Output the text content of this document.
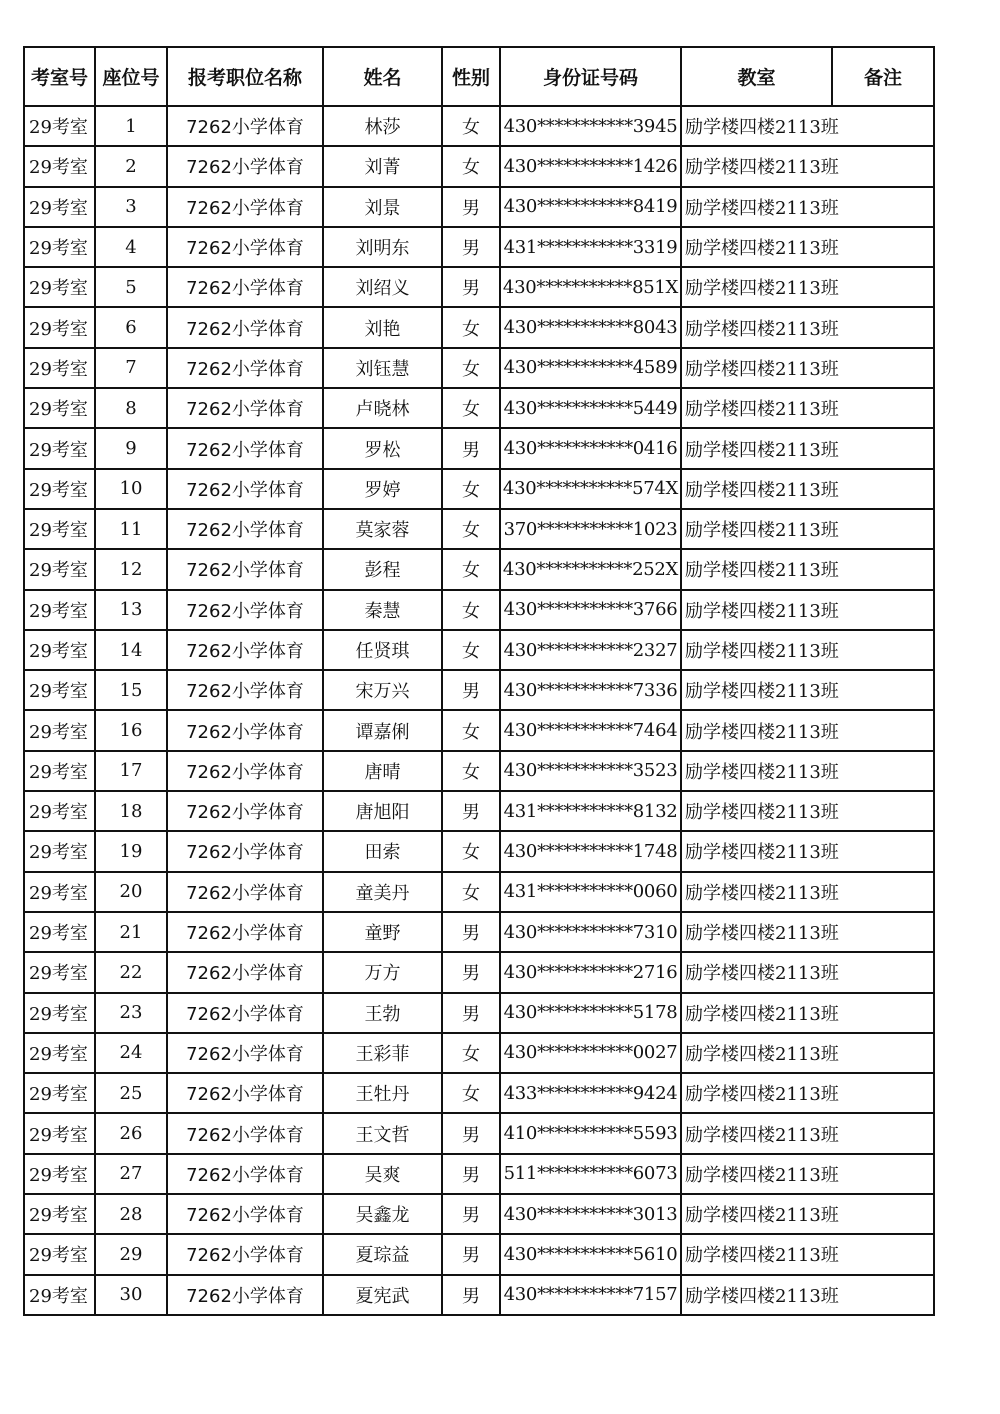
考室号	座位号	报考职位名称	姓名	性别	身份证号码	教室	备注
29考室	1	7262小学体育	林莎	女	430***********3945	励学楼四楼2113班	
29考室	2	7262小学体育	刘菁	女	430***********1426	励学楼四楼2113班	
29考室	3	7262小学体育	刘景	男	430***********8419	励学楼四楼2113班	
29考室	4	7262小学体育	刘明东	男	431***********3319	励学楼四楼2113班	
29考室	5	7262小学体育	刘绍义	男	430***********851X	励学楼四楼2113班	
29考室	6	7262小学体育	刘艳	女	430***********8043	励学楼四楼2113班	
29考室	7	7262小学体育	刘钰慧	女	430***********4589	励学楼四楼2113班	
29考室	8	7262小学体育	卢晓林	女	430***********5449	励学楼四楼2113班	
29考室	9	7262小学体育	罗松	男	430***********0416	励学楼四楼2113班	
29考室	10	7262小学体育	罗婷	女	430***********574X	励学楼四楼2113班	
29考室	11	7262小学体育	莫家蓉	女	370***********1023	励学楼四楼2113班	
29考室	12	7262小学体育	彭程	女	430***********252X	励学楼四楼2113班	
29考室	13	7262小学体育	秦慧	女	430***********3766	励学楼四楼2113班	
29考室	14	7262小学体育	任贤琪	女	430***********2327	励学楼四楼2113班	
29考室	15	7262小学体育	宋万兴	男	430***********7336	励学楼四楼2113班	
29考室	16	7262小学体育	谭嘉俐	女	430***********7464	励学楼四楼2113班	
29考室	17	7262小学体育	唐晴	女	430***********3523	励学楼四楼2113班	
29考室	18	7262小学体育	唐旭阳	男	431***********8132	励学楼四楼2113班	
29考室	19	7262小学体育	田索	女	430***********1748	励学楼四楼2113班	
29考室	20	7262小学体育	童美丹	女	431***********0060	励学楼四楼2113班	
29考室	21	7262小学体育	童野	男	430***********7310	励学楼四楼2113班	
29考室	22	7262小学体育	万方	男	430***********2716	励学楼四楼2113班	
29考室	23	7262小学体育	王勃	男	430***********5178	励学楼四楼2113班	
29考室	24	7262小学体育	王彩菲	女	430***********0027	励学楼四楼2113班	
29考室	25	7262小学体育	王牡丹	女	433***********9424	励学楼四楼2113班	
29考室	26	7262小学体育	王文哲	男	410***********5593	励学楼四楼2113班	
29考室	27	7262小学体育	吴爽	男	511***********6073	励学楼四楼2113班	
29考室	28	7262小学体育	吴鑫龙	男	430***********3013	励学楼四楼2113班	
29考室	29	7262小学体育	夏琮益	男	430***********5610	励学楼四楼2113班	
29考室	30	7262小学体育	夏宪武	男	430***********7157	励学楼四楼2113班	
